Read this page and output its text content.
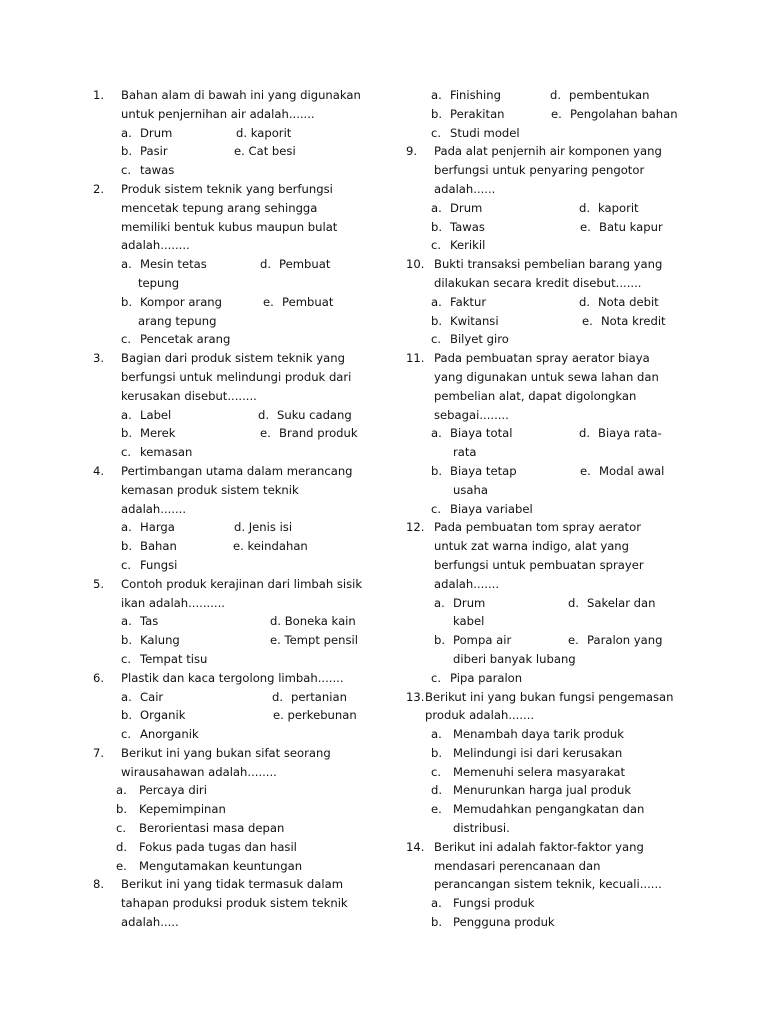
1. Bahan alam di bawah ini yang digunakan
untuk penjernihan air adalah.......
a. Drum	d. kaporit
b. Pasir	e. Cat besi
c. tawas
2. Produk sistem teknik yang berfungsi
mencetak tepung arang sehingga
memiliki bentuk kubus maupun bulat
adalah........
a. Mesin tetas	d. Pembuat
tepung
b. Kompor arang	e. Pembuat
arang tepung
c. Pencetak arang
3. Bagian dari produk sistem teknik yang
berfungsi untuk melindungi produk dari
kerusakan disebut........
a. Label	d. Suku cadang
b. Merek	e. Brand produk
c. kemasan
4. Pertimbangan utama dalam merancang
kemasan produk sistem teknik
adalah.......
a. Harga	d. Jenis isi
b. Bahan	e. keindahan
c. Fungsi
5. Contoh produk kerajinan dari limbah sisik
ikan adalah..........
a. Tas	d. Boneka kain
b. Kalung	e. Tempt pensil
c. Tempat tisu
6. Plastik dan kaca tergolong limbah.......
a. Cair	d. pertanian
b. Organik	e. perkebunan
c. Anorganik
7. Berikut ini yang bukan sifat seorang
wirausahawan adalah........
a. Percaya diri
b. Kepemimpinan
c. Berorientasi masa depan
d. Fokus pada tugas dan hasil
e. Mengutamakan keuntungan
8. Berikut ini yang tidak termasuk dalam
tahapan produksi produk sistem teknik
adalah.....
a. Finishing	d. pembentukan
b. Perakitan	e. Pengolahan bahan
c. Studi model
9. Pada alat penjernih air komponen yang
berfungsi untuk penyaring pengotor
adalah......
a. Drum	d. kaporit
b. Tawas	e. Batu kapur
c. Kerikil
10. Bukti transaksi pembelian barang yang
dilakukan secara kredit disebut.......
a. Faktur	d. Nota debit
b. Kwitansi	e. Nota kredit
c. Bilyet giro
11. Pada pembuatan spray aerator biaya
yang digunakan untuk sewa lahan dan
pembelian alat, dapat digolongkan
sebagai........
a. Biaya total	d. Biaya rata-
rata
b. Biaya tetap	e. Modal awal
usaha
c. Biaya variabel
12. Pada pembuatan tom spray aerator
untuk zat warna indigo, alat yang
berfungsi untuk pembuatan sprayer
adalah.......
a. Drum	d. Sakelar dan
kabel
b. Pompa air	e. Paralon yang
diberi banyak lubang
c. Pipa paralon
13. Berikut ini yang bukan fungsi pengemasan
produk adalah.......
a. Menambah daya tarik produk
b. Melindungi isi dari kerusakan
c. Memenuhi selera masyarakat
d. Menurunkan harga jual produk
e. Memudahkan pengangkatan dan
distribusi.
14. Berikut ini adalah faktor-faktor yang
mendasari perencanaan dan
perancangan sistem teknik, kecuali......
a. Fungsi produk
b. Pengguna produk
